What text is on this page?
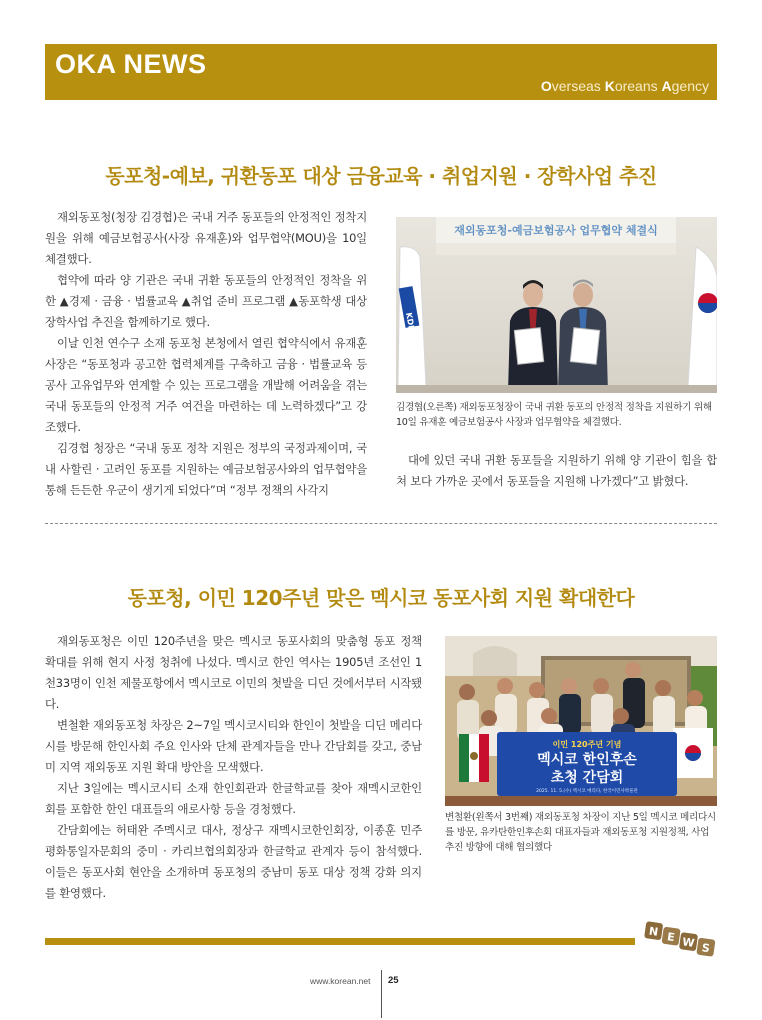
OKA NEWS
Overseas Koreans Agency
동포청-예보, 귀환동포 대상 금융교육 · 취업지원 · 장학사업 추진

재외동포청(청장 김경협)은 국내 거주 동포들의 안정적인 정착지원을 위해 예금보험공사(사장 유재훈)와 업무협약(MOU)을 10일 체결했다.

협약에 따라 양 기관은 국내 귀환 동포들의 안정적인 정착을 위한 ▲경제 · 금융 · 법률교육 ▲취업 준비 프로그램 ▲동포학생 대상 장학사업 추진을 함께하기로 했다.

이날 인천 연수구 소재 동포청 본청에서 열린 협약식에서 유재훈 사장은 “동포청과 공고한 협력체계를 구축하고 금융 · 법률교육 등 공사 고유업무와 연계할 수 있는 프로그램을 개발해 어려움을 겪는 국내 동포들의 안정적 거주 여건을 마련하는 데 노력하겠다”고 강조했다.

김경협 청장은 “국내 동포 정착 지원은 정부의 국정과제이며, 국내 사할린 · 고려인 동포를 지원하는 예금보험공사와의 업무협약을 통해 든든한 우군이 생기게 되었다”며 “정부 정책의 사각지

재외동포청-예금보험공사 업무협약 체결식
KDIC
김경협(오른쪽) 재외동포청장이 국내 귀환 동포의 안정적 정착을 지원하기 위해 10일 유재훈 예금보험공사 사장과 업무협약을 체결했다.

대에 있던 국내 귀환 동포들을 지원하기 위해 양 기관이 힘을 합쳐 보다 가까운 곳에서 동포들을 지원해 나가겠다”고 밝혔다.

동포청, 이민 120주년 맞은 멕시코 동포사회 지원 확대한다

재외동포청은 이민 120주년을 맞은 멕시코 동포사회의 맞춤형 동포 정책 확대를 위해 현지 사정 청취에 나섰다. 멕시코 한인 역사는 1905년 조선인 1천33명이 인천 제물포항에서 멕시코로 이민의 첫발을 디딘 것에서부터 시작됐다.

변철환 재외동포청 차장은 2~7일 멕시코시티와 한인이 첫발을 디딘 메리다시를 방문해 한인사회 주요 인사와 단체 관계자들을 만나 간담회를 갖고, 중남미 지역 재외동포 지원 확대 방안을 모색했다.

지난 3일에는 멕시코시티 소재 한인회관과 한글학교를 찾아 재멕시코한인회를 포함한 한인 대표들의 애로사항 등을 경청했다.

간담회에는 허태완 주멕시코 대사, 정상구 재멕시코한인회장, 이종훈 민주평화통일자문회의 중미 · 카리브협의회장과 한글학교 관계자 등이 참석했다. 이들은 동포사회 현안을 소개하며 동포청의 중남미 동포 대상 정책 강화 의지를 환영했다.

이민 120주년 기념
멕시코 한인후손
초청 간담회
2025. 11. 5.(수) 멕시코 메리다, 한국이민사박물관
변철환(왼쪽서 3번째) 재외동포청 차장이 지난 5일 멕시코 메리다시를 방문, 유카탄한인후손회 대표자들과 재외동포청 지원정책, 사업추진 방향에 대해 협의했다
N E W S
www.korean.net 25
